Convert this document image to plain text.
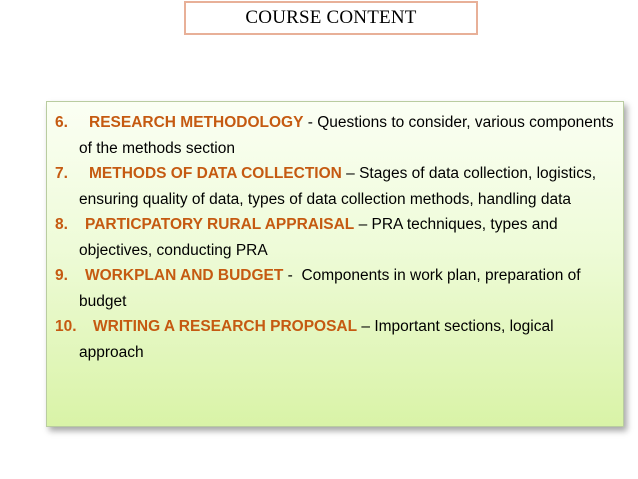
COURSE CONTENT
6. RESEARCH METHODOLOGY - Questions to consider, various components of the methods section
7. METHODS OF DATA COLLECTION – Stages of data collection, logistics, ensuring quality of data, types of data collection methods, handling data
8. PARTICPATORY RURAL APPRAISAL – PRA techniques, types and objectives, conducting PRA
9. WORKPLAN AND BUDGET -  Components in work plan, preparation of budget
10. WRITING A RESEARCH PROPOSAL – Important sections, logical approach
